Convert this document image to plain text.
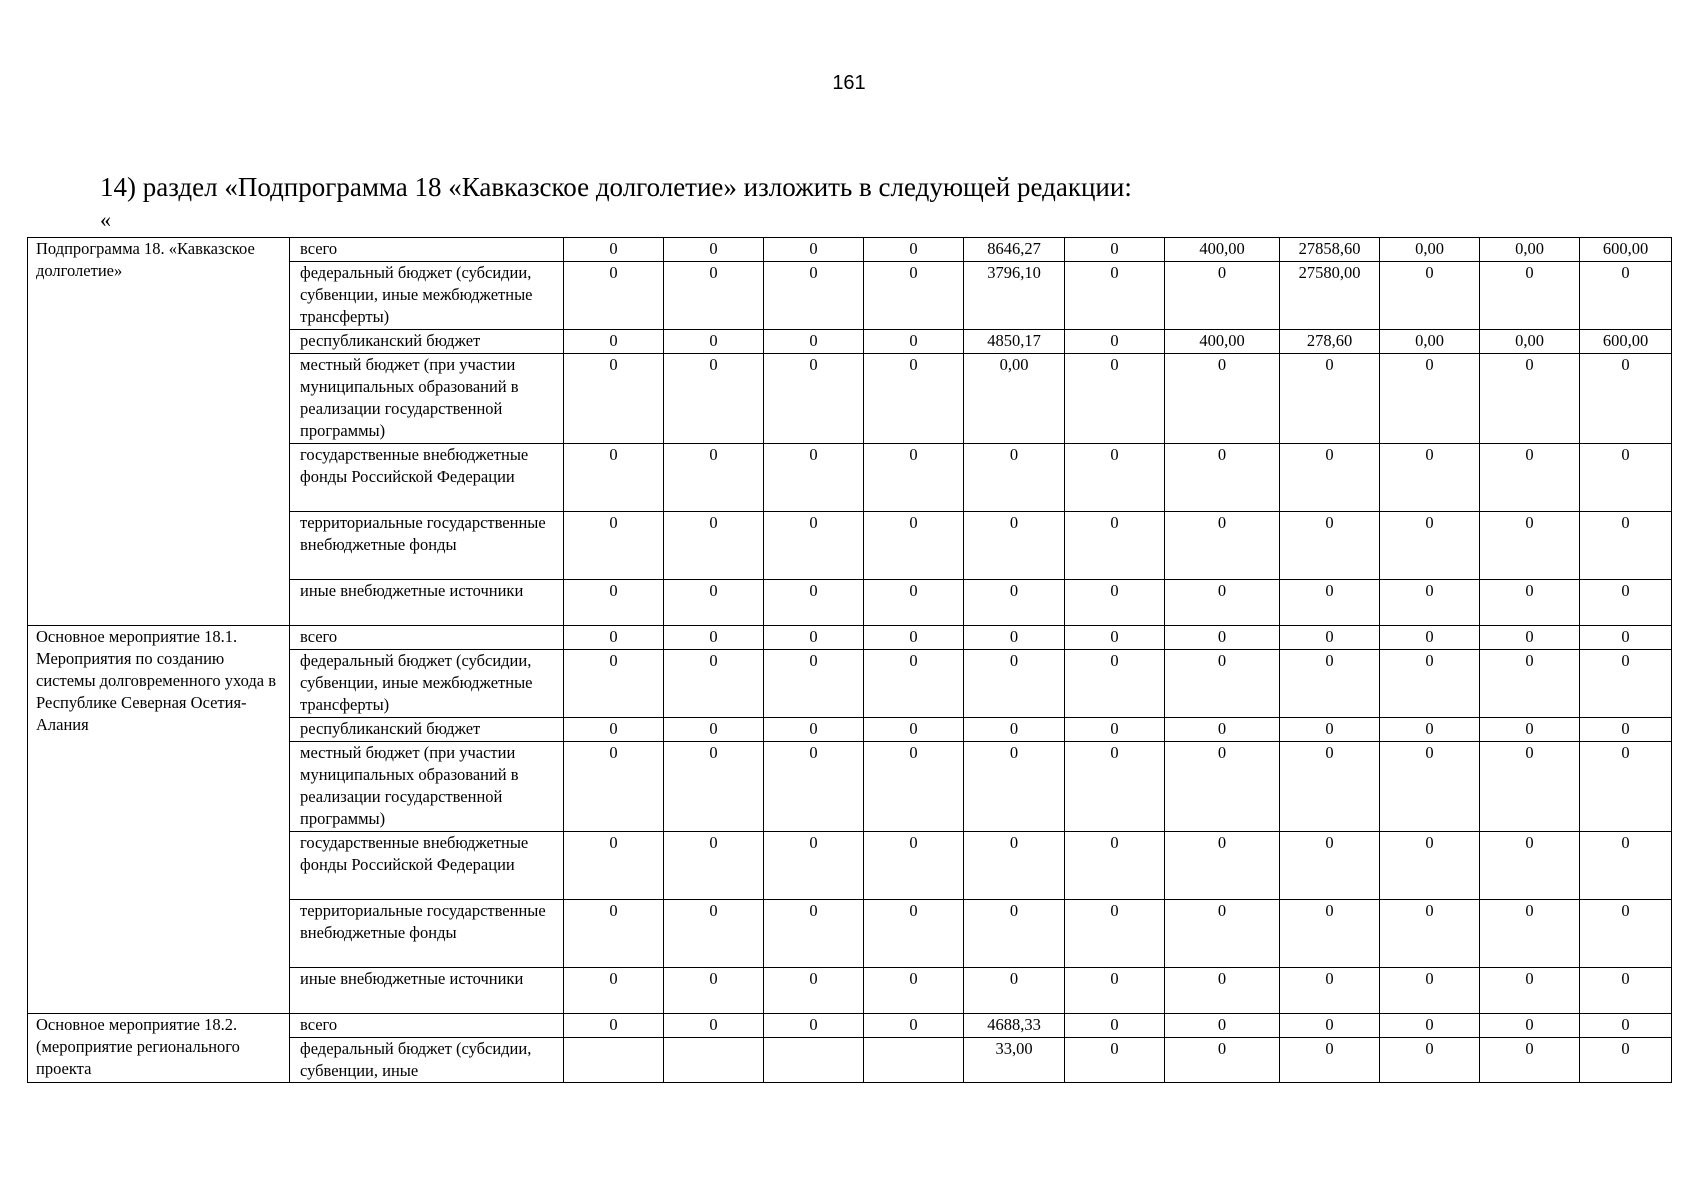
161
14) раздел «Подпрограмма 18 «Кавказское долголетие» изложить в следующей редакции:
«
Подпрограмма 18. «Кавказское долголетие»	всего	0	0	0	0	8646,27	0	400,00	27858,60	0,00	0,00	600,00
	федеральный бюджет (субсидии, субвенции, иные межбюджетные трансферты)	0	0	0	0	3796,10	0	0	27580,00	0	0	0
	республиканский бюджет	0	0	0	0	4850,17	0	400,00	278,60	0,00	0,00	600,00
	местный бюджет (при участии муниципальных образований в реализации государственной программы)	0	0	0	0	0,00	0	0	0	0	0	0
	государственные внебюджетные фонды Российской Федерации	0	0	0	0	0	0	0	0	0	0	0
	территориальные государственные внебюджетные фонды	0	0	0	0	0	0	0	0	0	0	0
	иные внебюджетные источники	0	0	0	0	0	0	0	0	0	0	0
Основное мероприятие 18.1. Мероприятия по созданию системы долговременного ухода в Республике Северная Осетия-Алания	всего	0	0	0	0	0	0	0	0	0	0	0
	федеральный бюджет (субсидии, субвенции, иные межбюджетные трансферты)	0	0	0	0	0	0	0	0	0	0	0
	республиканский бюджет	0	0	0	0	0	0	0	0	0	0	0
	местный бюджет (при участии муниципальных образований в реализации государственной программы)	0	0	0	0	0	0	0	0	0	0	0
	государственные внебюджетные фонды Российской Федерации	0	0	0	0	0	0	0	0	0	0	0
	территориальные государственные внебюджетные фонды	0	0	0	0	0	0	0	0	0	0	0
	иные внебюджетные источники	0	0	0	0	0	0	0	0	0	0	0
Основное мероприятие 18.2. (мероприятие регионального проекта	всего	0	0	0	0	4688,33	0	0	0	0	0	0
	федеральный бюджет (субсидии, субвенции, иные					33,00	0	0	0	0	0	0
